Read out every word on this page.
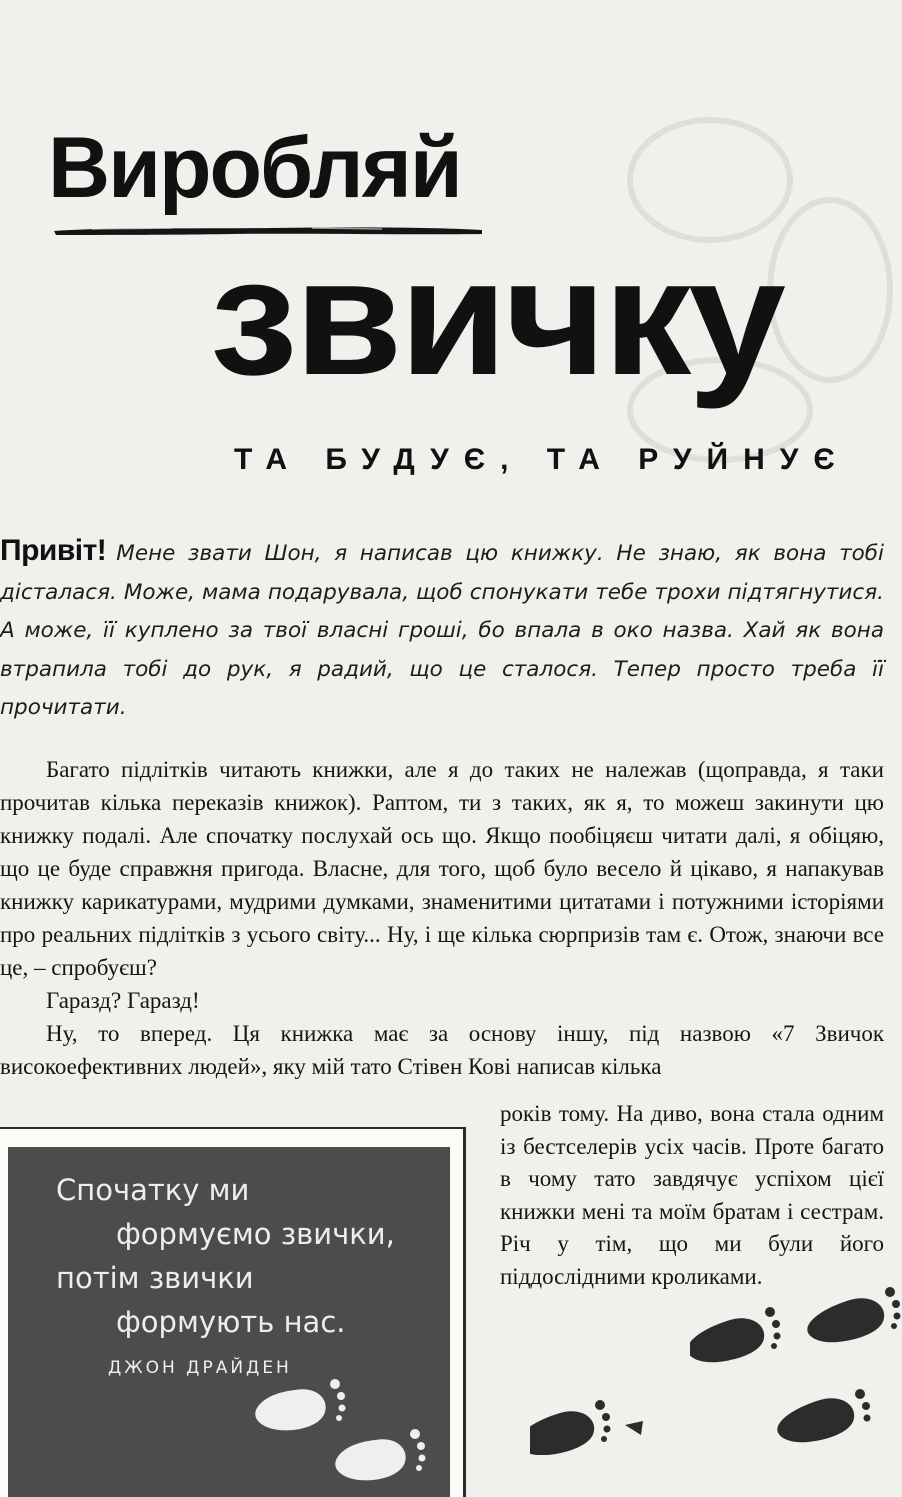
Виробляй
звичку
ТА БУДУЄ, ТА РУЙНУЄ
Привіт! Мене звати Шон, я написав цю книжку. Не знаю, як вона тобі дісталася. Може, мама подарувала, щоб спонукати тебе трохи підтягнутися. А може, її куплено за твої власні гроші, бо впала в око назва. Хай як вона втрапила тобі до рук, я радий, що це сталося. Тепер просто треба її прочитати.

Багато підлітків читають книжки, але я до таких не належав (щоправда, я таки прочитав кілька переказів книжок). Раптом, ти з таких, як я, то можеш закинути цю книжку подалі. Але спочатку послухай ось що. Якщо пообіцяєш читати далі, я обіцяю, що це буде справжня пригода. Власне, для того, щоб було весело й цікаво, я напакував книжку карикатурами, мудрими думками, знаменитими цитатами і потужними історіями про реальних підлітків з усього світу... Ну, і ще кілька сюрпризів там є. Отож, знаючи все це, – спробуєш?

Гаразд? Гаразд!

Ну, то вперед. Ця книжка має за основу іншу, під назвою «7 Звичок високоефективних людей», яку мій тато Стівен Кові написав кілька

років тому. На диво, вона стала одним із бестселерів усіх часів. Проте багато в чому тато завдячує успіхом цієї книжки мені та моїм братам і сестрам. Річ у тім, що ми були його піддослідними кроликами.

Спочатку ми

формуємо звички,

потім звички

формують нас.

ДЖОН ДРАЙДЕН
